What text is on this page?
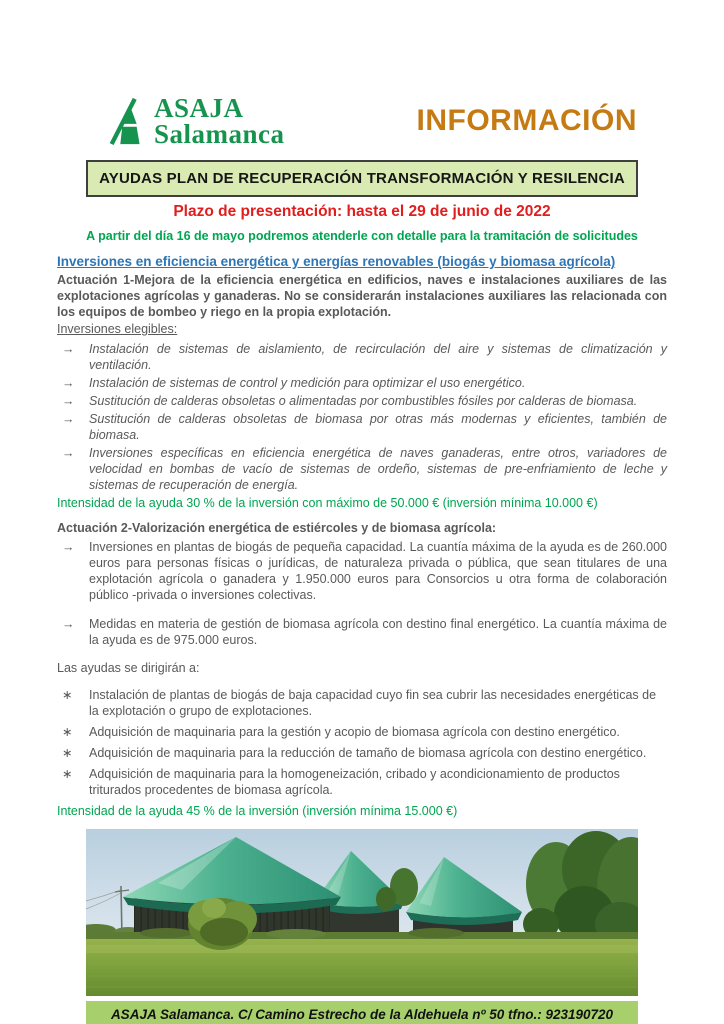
ASAJA
Salamanca	INFORMACIÓN
AYUDAS PLAN DE RECUPERACIÓN TRANSFORMACIÓN Y RESILENCIA
Plazo de presentación: hasta el 29 de junio de 2022
A partir del día 16 de mayo podremos atenderle con detalle para la tramitación de solicitudes
Inversiones en eficiencia energética y energías renovables (biogás y biomasa agrícola)
Actuación 1-Mejora de la eficiencia energética en edificios, naves e instalaciones auxiliares de las explotaciones agrícolas y ganaderas. No se considerarán instalaciones auxiliares las relacionada con los equipos de bombeo y riego en la propia explotación.
Inversiones elegibles:
→	Instalación de sistemas de aislamiento, de recirculación del aire y sistemas de climatización y ventilación.
→	Instalación de sistemas de control y medición para optimizar el uso energético.
→	Sustitución de calderas obsoletas o alimentadas por combustibles fósiles por calderas de biomasa.
→	Sustitución de calderas obsoletas de biomasa por otras más modernas y eficientes, también de biomasa.
→	Inversiones específicas en eficiencia energética de naves ganaderas, entre otros, variadores de velocidad en bombas de vacío de sistemas de ordeño, sistemas de pre-enfriamiento de leche y sistemas de recuperación de energía.
Intensidad de la ayuda 30 % de la inversión con máximo de 50.000 € (inversión mínima 10.000 €)
Actuación 2-Valorización energética de estiércoles y de biomasa agrícola:
→	Inversiones en plantas de biogás de pequeña capacidad. La cuantía máxima de la ayuda es de 260.000 euros para personas físicas o jurídicas, de naturaleza privada o pública, que sean titulares de una explotación agrícola o ganadera y 1.950.000 euros para Consorcios u otra forma de colaboración público -privada o inversiones colectivas.
→	Medidas en materia de gestión de biomasa agrícola con destino final energético. La cuantía máxima de la ayuda es de 975.000 euros.
Las ayudas se dirigirán a:
∗	Instalación de plantas de biogás de baja capacidad cuyo fin sea cubrir las necesidades energéticas de la explotación o grupo de explotaciones.
∗	Adquisición de maquinaria para la gestión y acopio de biomasa agrícola con destino energético.
∗	Adquisición de maquinaria para la reducción de tamaño de biomasa agrícola con destino energético.
∗	Adquisición de maquinaria para la homogeneización, cribado y acondicionamiento de productos triturados procedentes de biomasa agrícola.
Intensidad de la ayuda 45 % de la inversión (inversión mínima 15.000 €)
ASAJA Salamanca. C/ Camino Estrecho de la Aldehuela nº 50 tfno.: 923190720
